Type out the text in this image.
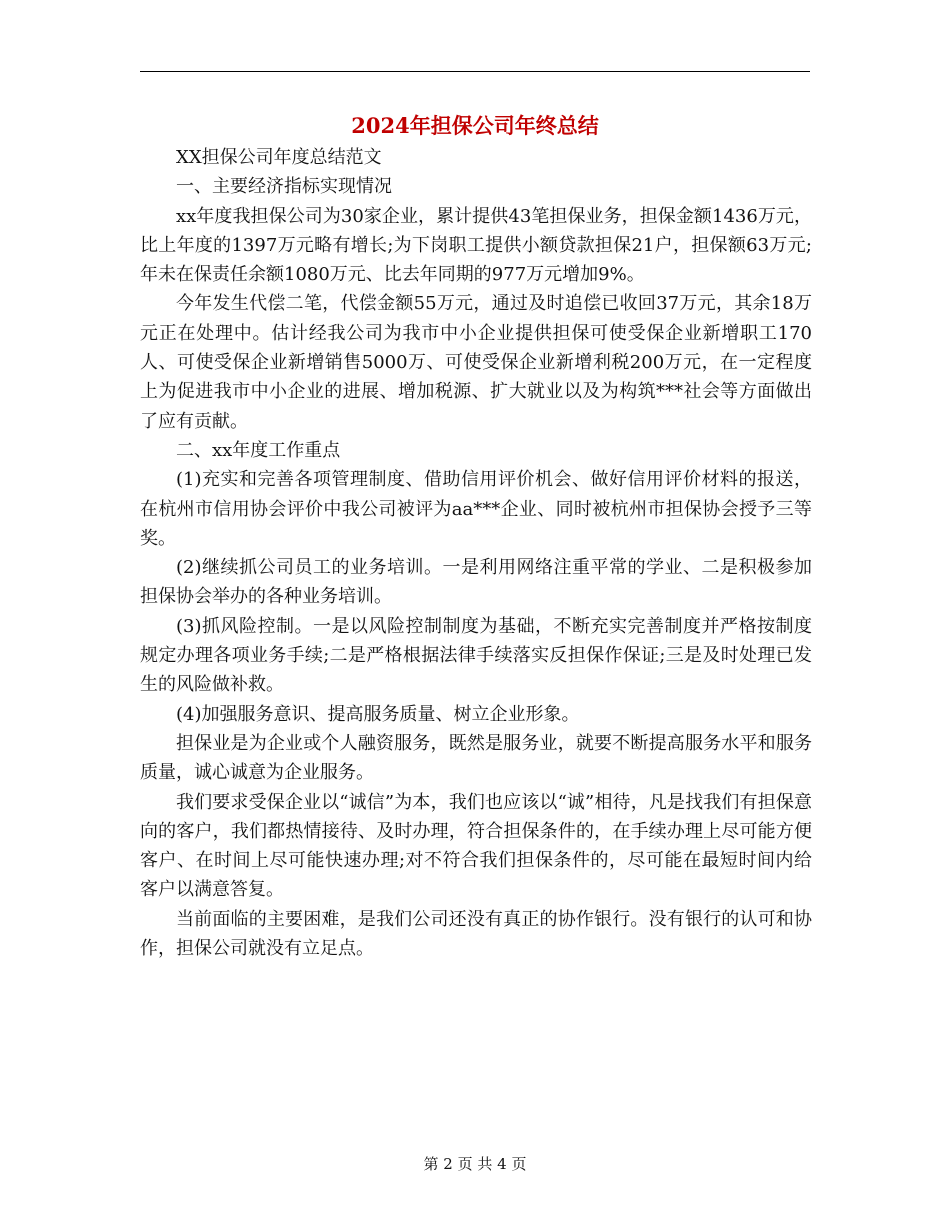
2024年担保公司年终总结

XX担保公司年度总结范文

一、主要经济指标实现情况

xx年度我担保公司为30家企业，累计提供43笔担保业务，担保金额1436万元，比上年度的1397万元略有增长;为下岗职工提供小额贷款担保21户，担保额63万元;年未在保责任余额1080万元、比去年同期的977万元增加9%。

今年发生代偿二笔，代偿金额55万元，通过及时追偿已收回37万元，其余18万元正在处理中。估计经我公司为我市中小企业提供担保可使受保企业新增职工170人、可使受保企业新增销售5000万、可使受保企业新增利税200万元，在一定程度上为促进我市中小企业的进展、增加税源、扩大就业以及为构筑***社会等方面做出了应有贡献。

二、xx年度工作重点

(1)充实和完善各项管理制度、借助信用评价机会、做好信用评价材料的报送，在杭州市信用协会评价中我公司被评为aa***企业、同时被杭州市担保协会授予三等奖。

(2)继续抓公司员工的业务培训。一是利用网络注重平常的学业、二是积极参加担保协会举办的各种业务培训。

(3)抓风险控制。一是以风险控制制度为基础，不断充实完善制度并严格按制度规定办理各项业务手续;二是严格根据法律手续落实反担保作保证;三是及时处理已发生的风险做补救。

(4)加强服务意识、提高服务质量、树立企业形象。

担保业是为企业或个人融资服务，既然是服务业，就要不断提高服务水平和服务质量，诚心诚意为企业服务。

我们要求受保企业以“诚信”为本，我们也应该以“诚”相待，凡是找我们有担保意向的客户，我们都热情接待、及时办理，符合担保条件的，在手续办理上尽可能方便客户、在时间上尽可能快速办理;对不符合我们担保条件的，尽可能在最短时间内给客户以满意答复。

当前面临的主要困难，是我们公司还没有真正的协作银行。没有银行的认可和协作，担保公司就没有立足点。

第 2 页 共 4 页
